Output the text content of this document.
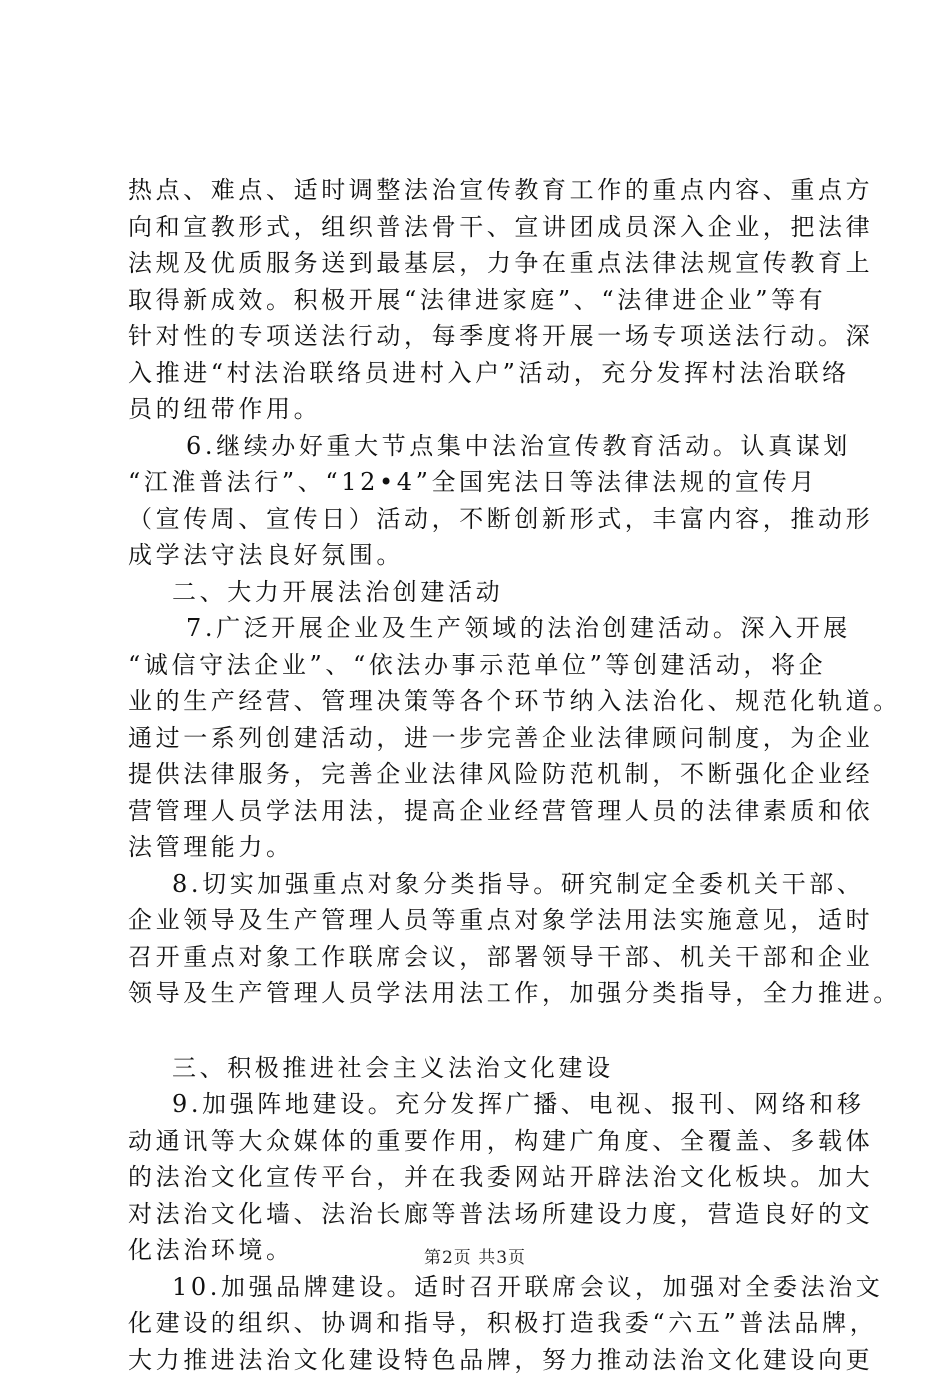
热点、难点、适时调整法治宣传教育工作的重点内容、重点方
向和宣教形式，组织普法骨干、宣讲团成员深入企业，把法律
法规及优质服务送到最基层，力争在重点法律法规宣传教育上
取得新成效。积极开展“法律进家庭”、“法律进企业”等有
针对性的专项送法行动，每季度将开展一场专项送法行动。深
入推进“村法治联络员进村入户”活动，充分发挥村法治联络
员的纽带作用。
6.继续办好重大节点集中法治宣传教育活动。认真谋划
“江淮普法行”、“12•4”全国宪法日等法律法规的宣传月
（宣传周、宣传日）活动，不断创新形式，丰富内容，推动形
成学法守法良好氛围。
二、大力开展法治创建活动
7.广泛开展企业及生产领域的法治创建活动。深入开展
“诚信守法企业”、“依法办事示范单位”等创建活动，将企
业的生产经营、管理决策等各个环节纳入法治化、规范化轨道。
通过一系列创建活动，进一步完善企业法律顾问制度，为企业
提供法律服务，完善企业法律风险防范机制，不断强化企业经
营管理人员学法用法，提高企业经营管理人员的法律素质和依
法管理能力。
8.切实加强重点对象分类指导。研究制定全委机关干部、
企业领导及生产管理人员等重点对象学法用法实施意见，适时
召开重点对象工作联席会议，部署领导干部、机关干部和企业
领导及生产管理人员学法用法工作，加强分类指导，全力推进。
三、积极推进社会主义法治文化建设
9.加强阵地建设。充分发挥广播、电视、报刊、网络和移
动通讯等大众媒体的重要作用，构建广角度、全覆盖、多载体
的法治文化宣传平台，并在我委网站开辟法治文化板块。加大
对法治文化墙、法治长廊等普法场所建设力度，营造良好的文
化法治环境。
10.加强品牌建设。适时召开联席会议，加强对全委法治文
化建设的组织、协调和指导，积极打造我委“六五”普法品牌，
大力推进法治文化建设特色品牌，努力推动法治文化建设向更
第2页 共3页
